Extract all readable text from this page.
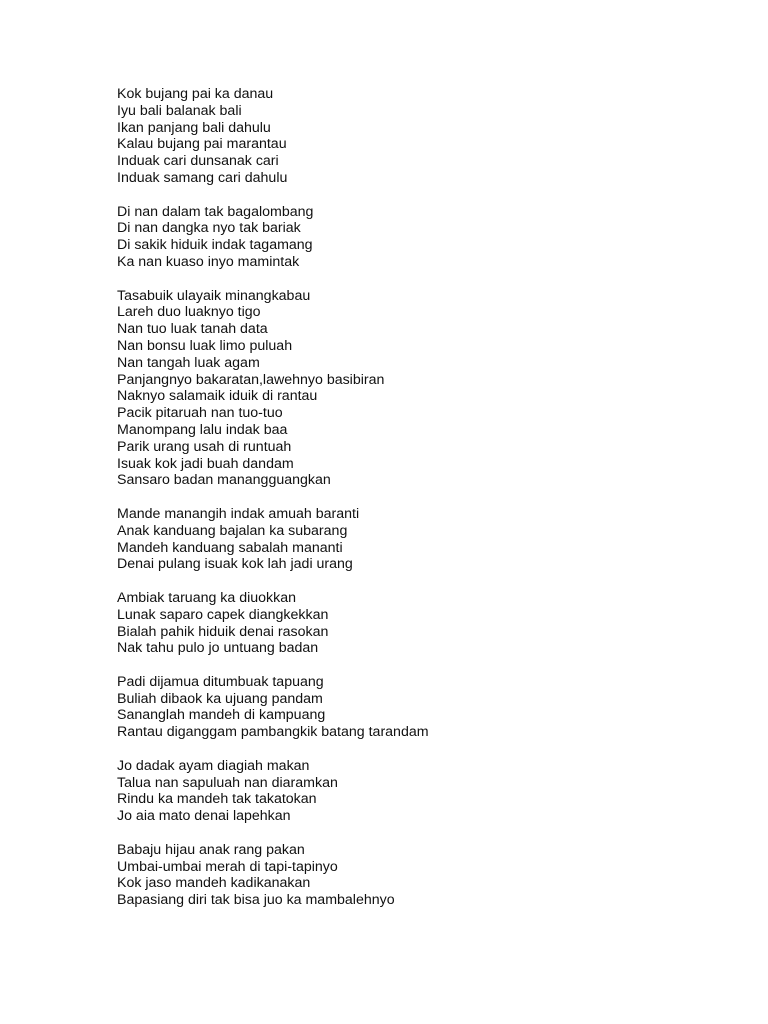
Kok bujang pai ka danau
Iyu bali balanak bali
Ikan panjang bali dahulu
Kalau bujang pai marantau
Induak cari dunsanak cari
Induak samang cari dahulu
Di nan dalam tak bagalombang
Di nan dangka nyo tak bariak
Di sakik hiduik indak tagamang
Ka nan kuaso inyo mamintak
Tasabuik ulayaik minangkabau
Lareh duo luaknyo tigo
Nan tuo luak tanah data
Nan bonsu luak limo puluah
Nan tangah luak agam
Panjangnyo bakaratan,lawehnyo basibiran
Naknyo salamaik iduik di rantau
Pacik pitaruah nan tuo-tuo
Manompang lalu indak baa
Parik urang usah di runtuah
Isuak kok jadi buah dandam
Sansaro badan manangguangkan
Mande manangih indak amuah baranti
Anak kanduang bajalan ka subarang
Mandeh kanduang sabalah mananti
Denai pulang isuak kok lah jadi urang
Ambiak taruang ka diuokkan
Lunak saparo capek diangkekkan
Bialah pahik hiduik denai rasokan
Nak tahu pulo jo untuang badan
Padi dijamua ditumbuak tapuang
Buliah dibaok ka ujuang pandam
Sananglah mandeh di kampuang
Rantau diganggam pambangkik batang tarandam
Jo dadak ayam diagiah makan
Talua nan sapuluah nan diaramkan
Rindu ka mandeh tak takatokan
Jo aia mato denai lapehkan
Babaju hijau anak rang pakan
Umbai-umbai merah di tapi-tapinyo
Kok jaso mandeh kadikanakan
Bapasiang diri tak bisa juo ka mambalehnyo
